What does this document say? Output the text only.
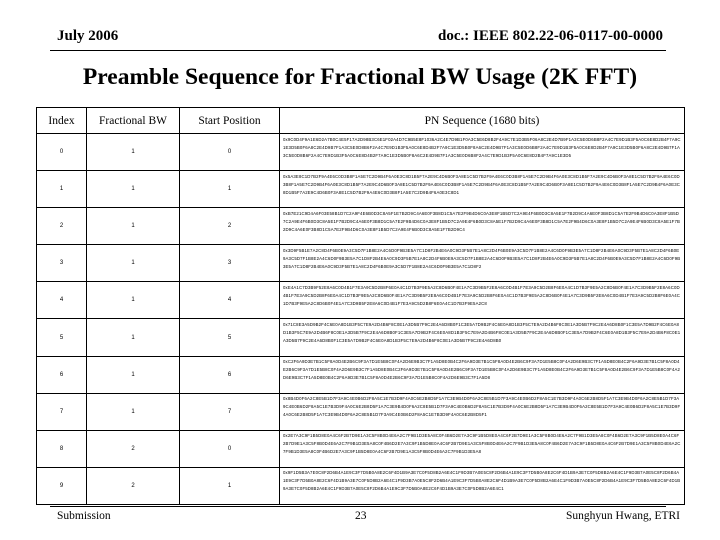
July 2006	doc.: IEEE 802.22-06-0117-00-0000
Preamble Sequence for Fractional BW Usage (2K FFT)
Index	Fractional BW	Start Position	PN Sequence (1680 bits)
0	1	0	0x9C0D4F9A1E6D2A7B0C4E5F17A2D98B3C6E1F02A4D7C9B5E8F1036A2C4E7D9B1F0A3C5E6D8B2F4A9C7E1D3B5F06A8C2E4D7B9F1A3C5E0D6B8F2A4C7E9D1B3F5A0C6E8D2B4F7A9C1E3D5B0F6A8C2E4D9B7F1A3C5E0D8B6F2A4C7E9D1B3F5A0C6E8D4B2F7A9C1E3D5B0F8A6C2E4D9B7F1A3C5E0D6B8F2A4C7E9D1B3F5A0C6E8D2B4F7A9C1E3D5B0F6A8C2E4D9B7F1A3C5E0D8B6F2A4C7E9D1B3F5A0C6E8D4B2F7A9C1E3D5B0F8A6C2E4D9B7F1A3C5E0D6B8F2A4C7E9D1B3F5A0C6E8D2B4F7A9C1E3D5

1	1	1	0x5A3E8C1D7B2F9A4E6C0D3B8F1A5E7C2D9B4F6A0E3C8D1B5F7A2E9C4D6B0F3A8E1C5D7B2F9A4E6C0D3B8F1A5E7C2D9B4F6A0E3C8D1B5F7A2E9C4D6B0F3A8E1C5D7B2F9A4E6C0D3B8F1A5E7C2D9B4F6A0E3C8D1B5F7A2E9C4D6B0F3A8E1C5D7B2F9A4E6C0D3B8F1A5E7C2D9B4F6A0E3C8D1B5F7A2E9C4D6B0F3A8E1C5D7B2F9A4E6C0D3B8F1A5E7C2D9B4F6A0E3C8D1B5F7A2E9C4D6B0F3A8E1C5D7B2F9A4E6C0D3B8F1A5E7C2D9B4F6A0E3C8D1

2	1	2	0xB7E21C9D4A6F03E58B1D7C2A9F4E6B0D3C8A5F1E7B2D9C4A6E0F3B8D1C5A7E2F9B4D6C0A3E8F1B5D7C2A9E4F6B0D3C8A5E1F7B2D9C4A6E0F3B8D1C5A7E2F9B4D6C0A3E8F1B5D7C2A9E4F6B0D3C8A5E1F7B2D9C4A6E0F3B8D1C5A7E2F9B4D6C0A3E8F1B5D7C2A9E4F6B0D3C8A5E1F7B2D9C4A6E0F3B8D1C5A7E2F9B4D6C0A3E8F1B5D7C2A9E4F6B0D3C8A5E1F7B2D9C4A6E0F3B8D1C5A7E2F9B4D6C0A3E8F1B5D7C2A9E4F6B0D3C8A5E1F7B2D9C4

3	1	3	0x3D9F5B1E7A2C8D4F6B0E9A3C5D7F1B8E2A4C6D0F9B3E5A7C1D8F2B4E6A0C9D3F5B7E1A8C2D4F6B0E9A3C5D7F1B8E2A4C6D0F9B3E5A7C1D8F2B4E6A0C9D3F5B7E1A8C2D4F6B0E9A3C5D7F1B8E2A4C6D0F9B3E5A7C1D8F2B4E6A0C9D3F5B7E1A8C2D4F6B0E9A3C5D7F1B8E2A4C6D0F9B3E5A7C1D8F2B4E6A0C9D3F5B7E1A8C2D4F6B0E9A3C5D7F1B8E2A4C6D0F9B3E5A7C1D8F2B4E6A0C9D3F5B7E1A8C2D4F6B0E9A3C5D7F1B8E2A4C6D0F9B3E5A7C1D8F2

4	1	4	0xE4A1C7D3B9F52E8A6C0D4B1F7E3A9C5D2B8F6E0A4C1D7B3F9E5A2C8D6B0F4E1A7C3D9B5F2E8A6C0D4B1F7E3A9C5D2B8F6E0A4C1D7B3F9E5A2C8D6B0F4E1A7C3D9B5F2E8A6C0D4B1F7E3A9C5D2B8F6E0A4C1D7B3F9E5A2C8D6B0F4E1A7C3D9B5F2E8A6C0D4B1F7E3A9C5D2B8F6E0A4C1D7B3F9E5A2C8D6B0F4E1A7C3D9B5F2E8A6C0D4B1F7E3A9C5D2B8F6E0A4C1D7B3F9E5A2C8D6B0F4E1A7C3D9B5F2E8A6C0D4B1F7E3A9C5D2B8F6E0A4C1D7B3F9E5A2C8

5	1	5	0x71C8E3A5D9B2F4C6E0A8D1B3F5C7E9A2D4B6F8C0E1A3D5B7F9C2E4A6D8B0F1C3E5A7D9B2F4C6E0A8D1B3F5C7E9A2D4B6F8C0E1A3D5B7F9C2E4A6D8B0F1C3E5A7D9B2F4C6E0A8D1B3F5C7E9A2D4B6F8C0E1A3D5B7F9C2E4A6D8B0F1C3E5A7D9B2F4C6E0A8D1B3F5C7E9A2D4B6F8C0E1A3D5B7F9C2E4A6D8B0F1C3E5A7D9B2F4C6E0A8D1B3F5C7E9A2D4B6F8C0E1A3D5B7F9C2E4A6D8B0F1C3E5A7D9B2F4C6E0A8D1B3F5C7E9A2D4B6F8C0E1A3D5B7F9C2E4A6D8B0

6	1	6	0xC2F6A9D3E7B1C5F8A0D4E2B6C9F3A7D1E5B8C0F4A2D6E9B3C7F1A5D8E0B4C2F6A9D3E7B1C5F8A0D4E2B6C9F3A7D1E5B8C0F4A2D6E9B3C7F1A5D8E0B4C2F6A9D3E7B1C5F8A0D4E2B6C9F3A7D1E5B8C0F4A2D6E9B3C7F1A5D8E0B4C2F6A9D3E7B1C5F8A0D4E2B6C9F3A7D1E5B8C0F4A2D6E9B3C7F1A5D8E0B4C2F6A9D3E7B1C5F8A0D4E2B6C9F3A7D1E5B8C0F4A2D6E9B3C7F1A5D8E0B4C2F6A9D3E7B1C5F8A0D4E2B6C9F3A7D1E5B8C0F4A2D6E9B3C7F1A5D8

7	1	7	0x8B4D0F6A2C8E5B1D7F3A9C4E0B6D2F8A5C1E7B3D9F4A0C6E2B8D5F1A7C3E9B4D0F6A2C8E5B1D7F3A9C4E0B6D2F8A5C1E7B3D9F4A0C6E2B8D5F1A7C3E9B4D0F6A2C8E5B1D7F3A9C4E0B6D2F8A5C1E7B3D9F4A0C6E2B8D5F1A7C3E9B4D0F6A2C8E5B1D7F3A9C4E0B6D2F8A5C1E7B3D9F4A0C6E2B8D5F1A7C3E9B4D0F6A2C8E5B1D7F3A9C4E0B6D2F8A5C1E7B3D9F4A0C6E2B8D5F1A7C3E9B4D0F6A2C8E5B1D7F3A9C4E0B6D2F8A5C1E7B3D9F4A0C6E2B8D5F1

8	2	0	0x2E7A3C9F1B5D8E0A4C6F2B7D9E1A3C5F8B0D4E6A2C7F9B1D3E5A8C0F4B6D2E7A3C9F1B5D8E0A4C6F2B7D9E1A3C5F8B0D4E6A2C7F9B1D3E5A8C0F4B6D2E7A3C9F1B5D8E0A4C6F2B7D9E1A3C5F8B0D4E6A2C7F9B1D3E5A8C0F4B6D2E7A3C9F1B5D8E0A4C6F2B7D9E1A3C5F8B0D4E6A2C7F9B1D3E5A8C0F4B6D2E7A3C9F1B5D8E0A4C6F2B7D9E1A3C5F8B0D4E6A2C7F9B1D3E5A8C0F4B6D2E7A3C9F1B5D8E0A4C6F2B7D9E1A3C5F8B0D4E6A2C7F9B1D3E5A8

9	2	1	0x9F1D5B3A7E0C8F2D6B4A1E9C3F7D5B0A8E2C6F4D1B9A3E7C0F5D8B2A6E4C1F9D3B7A0E5C8F2D6B4A1E9C3F7D5B0A8E2C6F4D1B9A3E7C0F5D8B2A6E4C1F9D3B7A0E5C8F2D6B4A1E9C3F7D5B0A8E2C6F4D1B9A3E7C0F5D8B2A6E4C1F9D3B7A0E5C8F2D6B4A1E9C3F7D5B0A8E2C6F4D1B9A3E7C0F5D8B2A6E4C1F9D3B7A0E5C8F2D6B4A1E9C3F7D5B0A8E2C6F4D1B9A3E7C0F5D8B2A6E4C1F9D3B7A0E5C8F2D6B4A1E9C3F7D5B0A8E2C6F4D1B9A3E7C0F5D8B2A6E4C1
Submission	23	Sunghyun Hwang, ETRI
